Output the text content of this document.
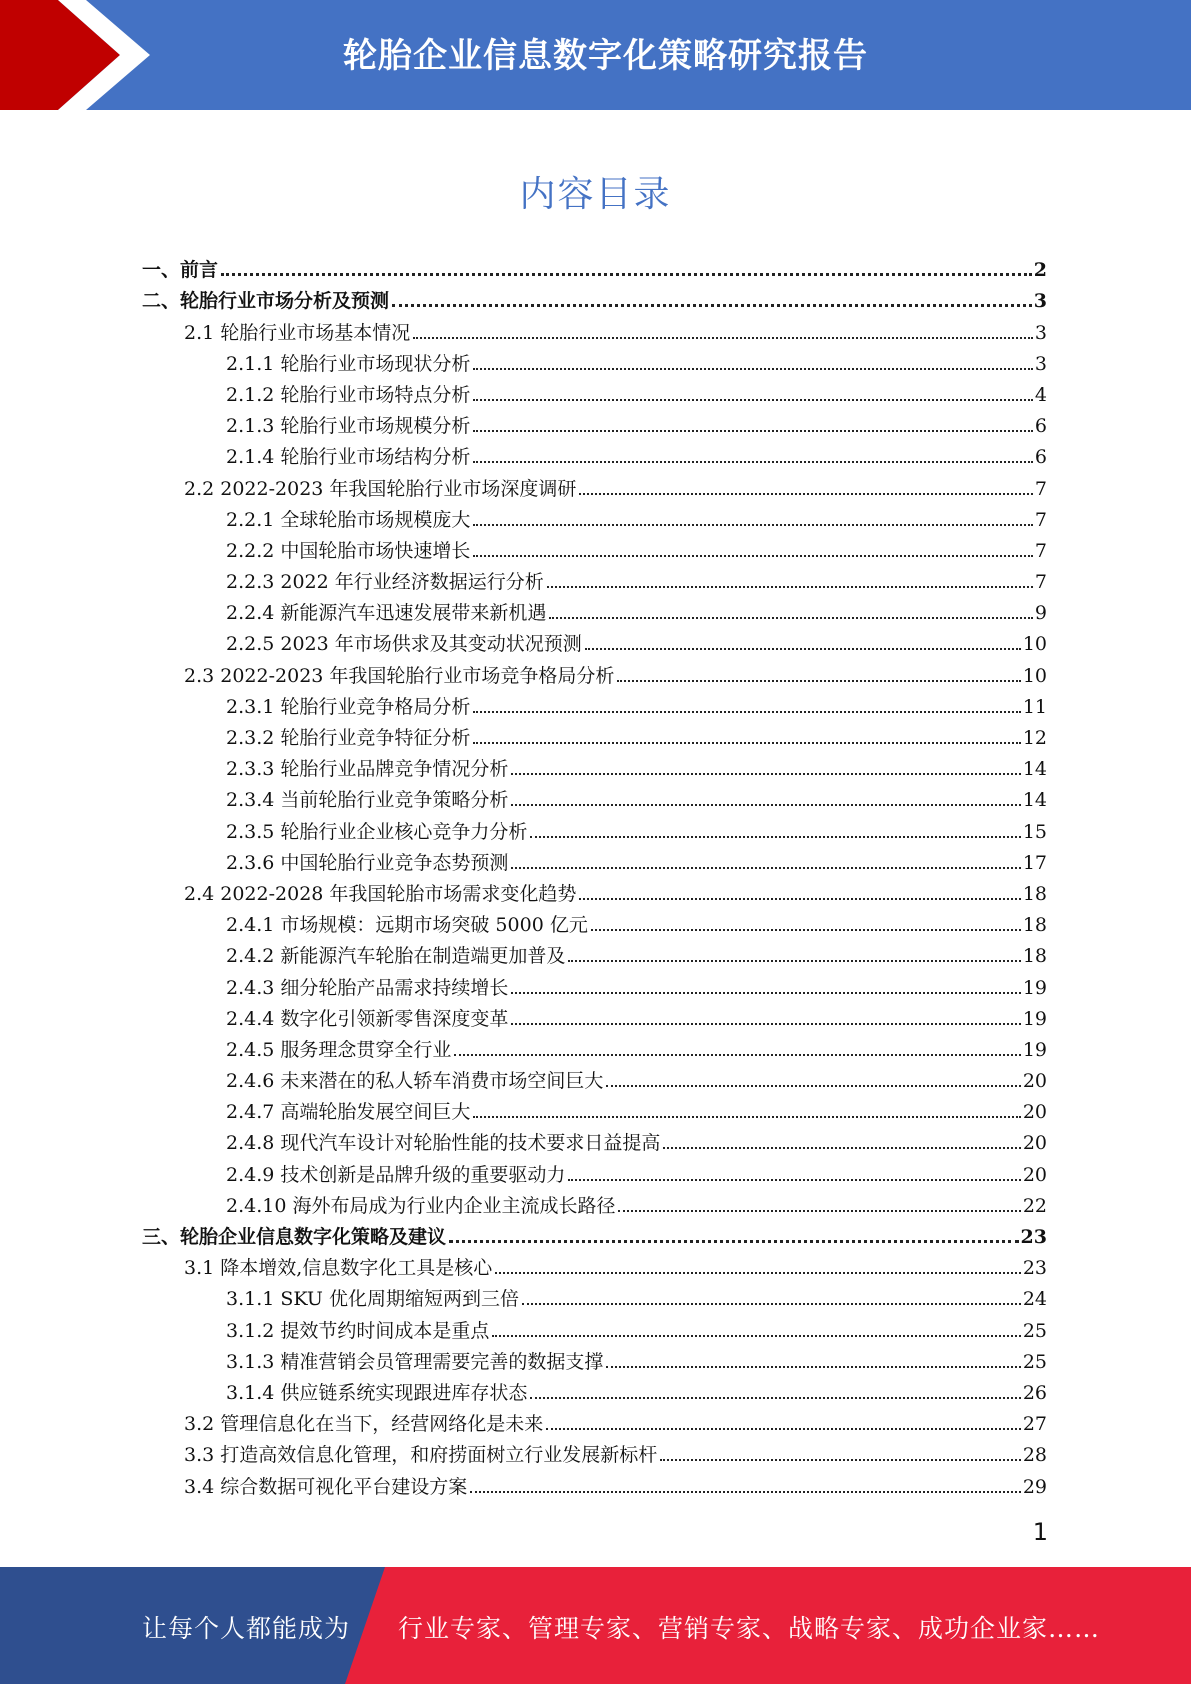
轮胎企业信息数字化策略研究报告
内容目录
一、前言	2
二、轮胎行业市场分析及预测	3
2.1 轮胎行业市场基本情况	3
2.1.1 轮胎行业市场现状分析	3
2.1.2 轮胎行业市场特点分析	4
2.1.3 轮胎行业市场规模分析	6
2.1.4 轮胎行业市场结构分析	6
2.2 2022-2023 年我国轮胎行业市场深度调研	7
2.2.1 全球轮胎市场规模庞大	7
2.2.2 中国轮胎市场快速增长	7
2.2.3 2022 年行业经济数据运行分析	7
2.2.4 新能源汽车迅速发展带来新机遇	9
2.2.5 2023 年市场供求及其变动状况预测	10
2.3 2022-2023 年我国轮胎行业市场竞争格局分析	10
2.3.1 轮胎行业竞争格局分析	11
2.3.2 轮胎行业竞争特征分析	12
2.3.3 轮胎行业品牌竞争情况分析	14
2.3.4 当前轮胎行业竞争策略分析	14
2.3.5 轮胎行业企业核心竞争力分析	15
2.3.6 中国轮胎行业竞争态势预测	17
2.4 2022-2028 年我国轮胎市场需求变化趋势	18
2.4.1 市场规模：远期市场突破 5000 亿元	18
2.4.2 新能源汽车轮胎在制造端更加普及	18
2.4.3 细分轮胎产品需求持续增长	19
2.4.4 数字化引领新零售深度变革	19
2.4.5 服务理念贯穿全行业	19
2.4.6 未来潜在的私人轿车消费市场空间巨大	20
2.4.7 高端轮胎发展空间巨大	20
2.4.8 现代汽车设计对轮胎性能的技术要求日益提高	20
2.4.9 技术创新是品牌升级的重要驱动力	20
2.4.10 海外布局成为行业内企业主流成长路径	22
三、轮胎企业信息数字化策略及建议	23
3.1 降本增效,信息数字化工具是核心	23
3.1.1 SKU 优化周期缩短两到三倍	24
3.1.2 提效节约时间成本是重点	25
3.1.3 精准营销会员管理需要完善的数据支撑	25
3.1.4 供应链系统实现跟进库存状态	26
3.2 管理信息化在当下，经营网络化是未来	27
3.3 打造高效信息化管理，和府捞面树立行业发展新标杆	28
3.4 综合数据可视化平台建设方案	29
1
让每个人都能成为 行业专家、管理专家、营销专家、战略专家、成功企业家……
